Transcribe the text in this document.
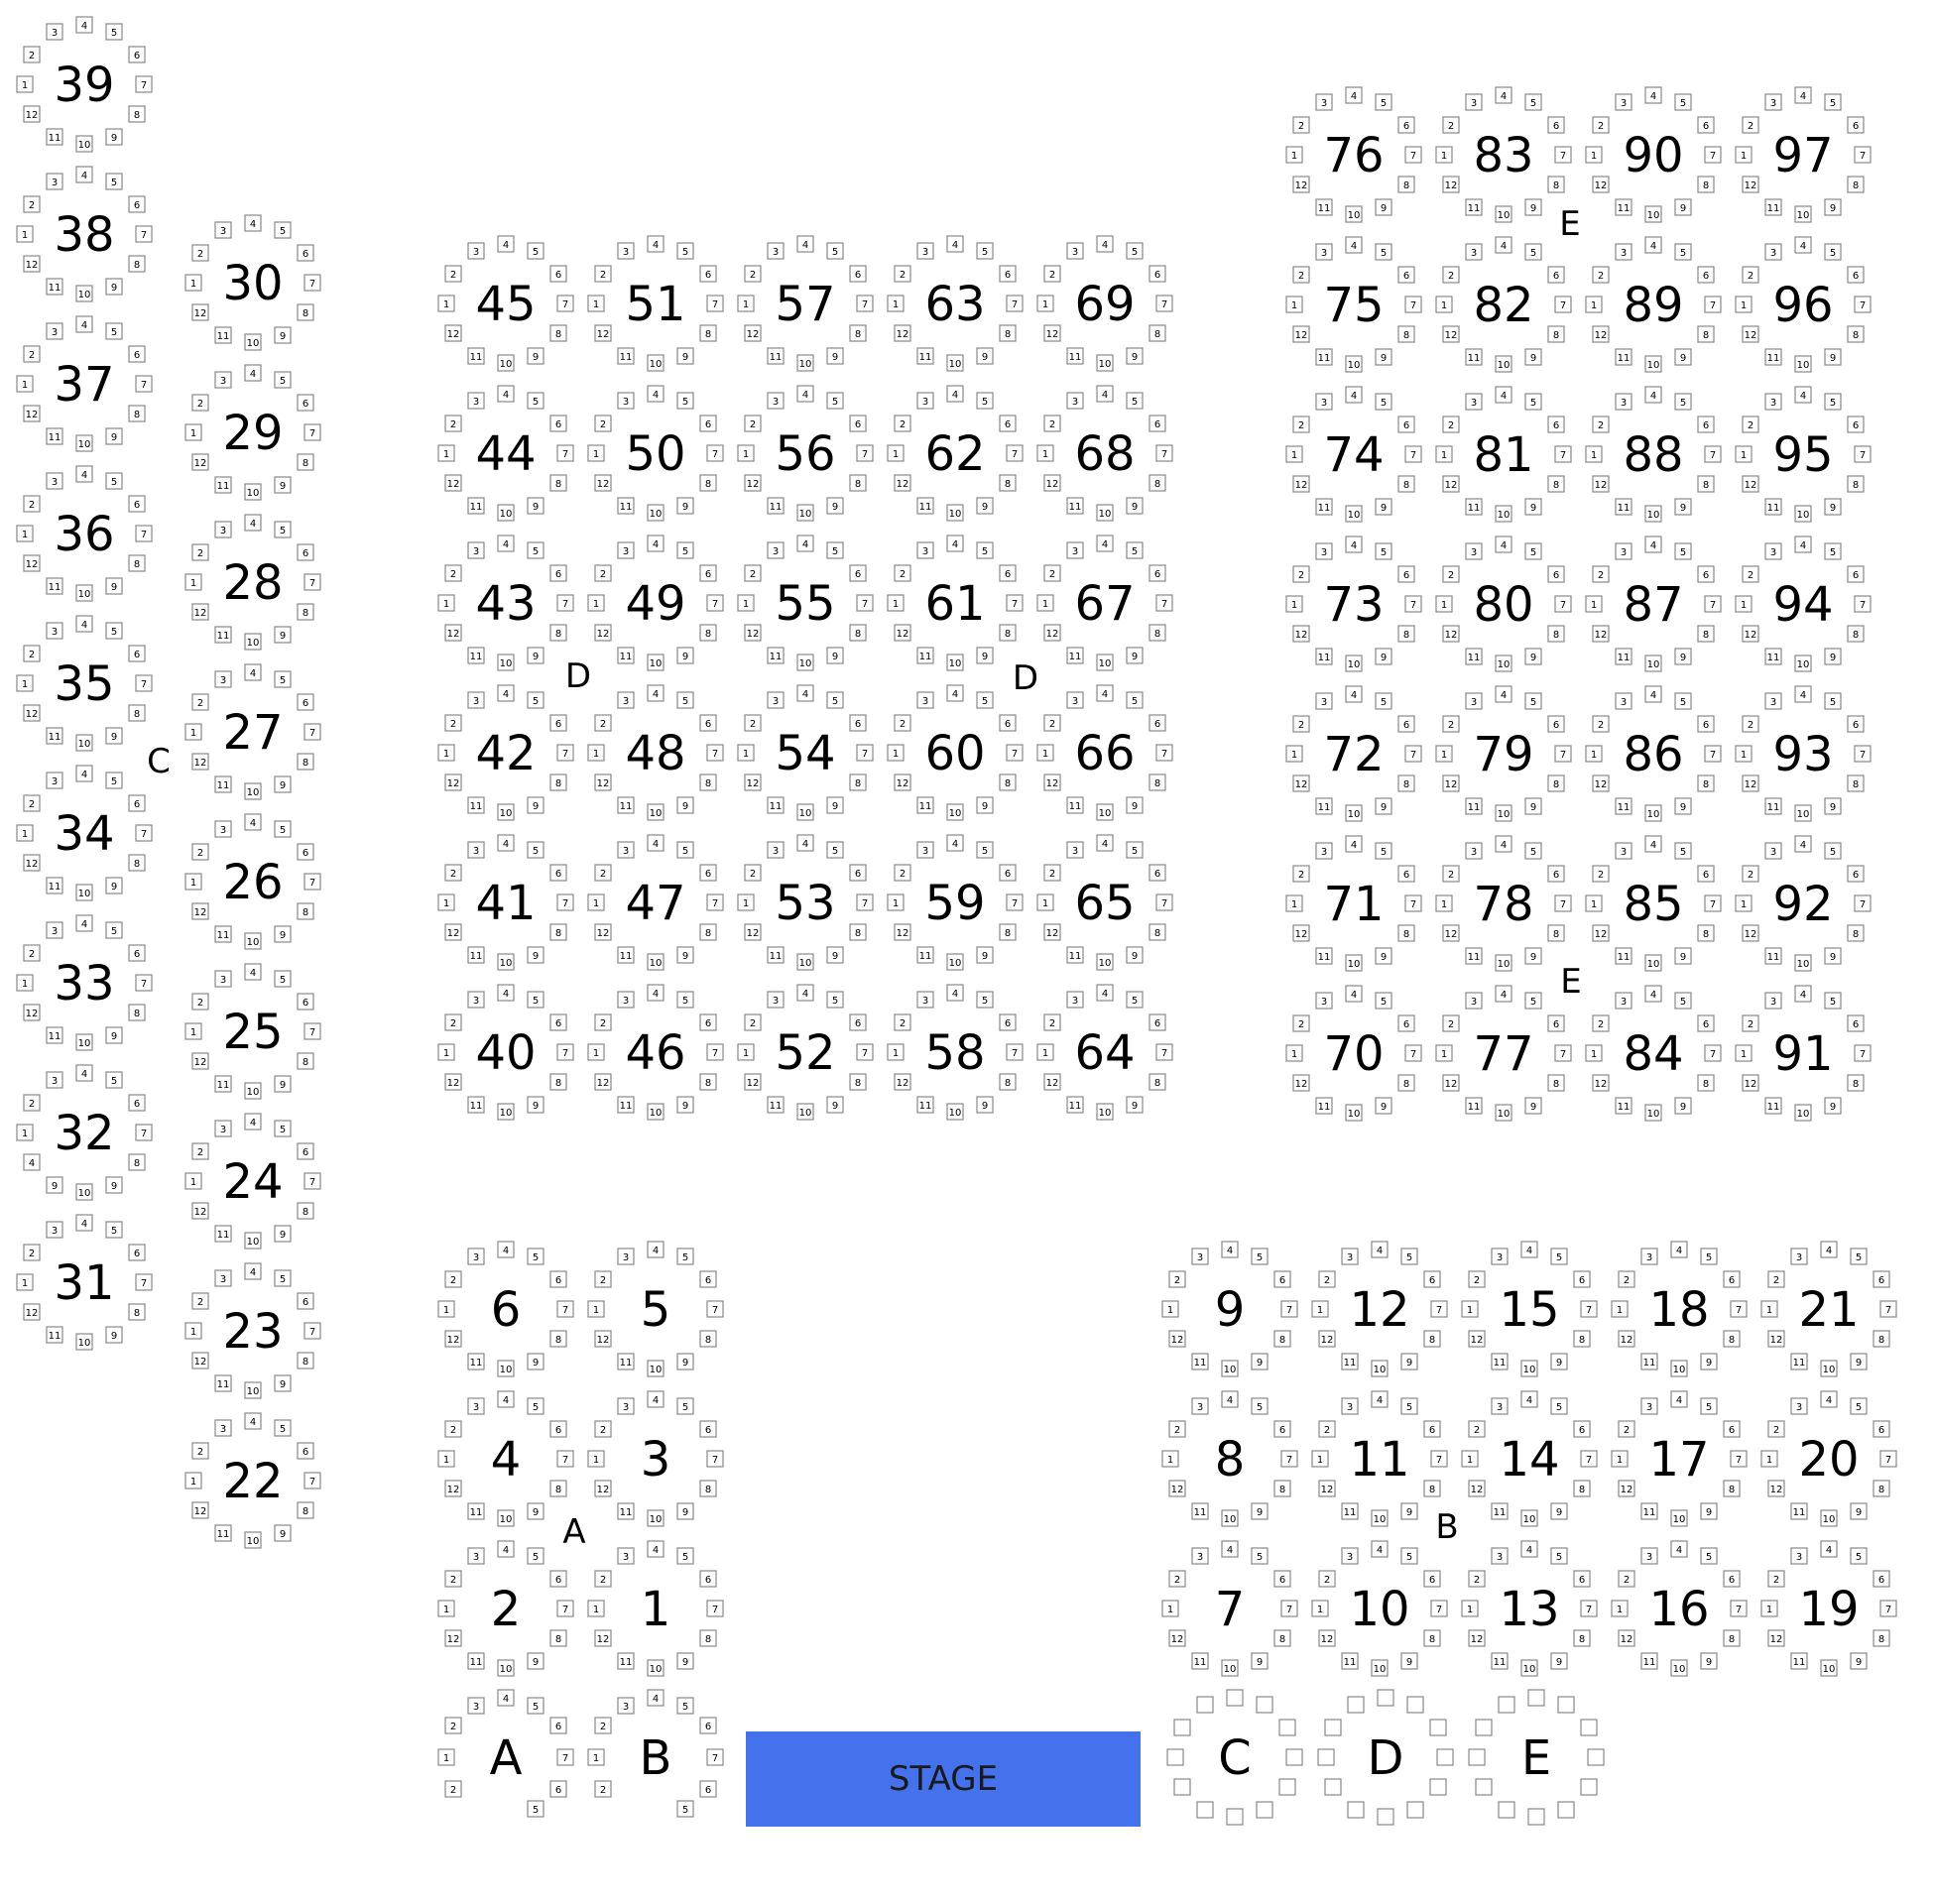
1
2
3
4
5
6
7
8
9
10
11
12
39
1
2
3
4
5
6
7
8
9
10
11
12
38
1
2
3
4
5
6
7
8
9
10
11
12
37
1
2
3
4
5
6
7
8
9
10
11
12
36
1
2
3
4
5
6
7
8
9
10
11
12
35
1
2
3
4
5
6
7
8
9
10
11
12
34
1
2
3
4
5
6
7
8
9
10
11
12
33
1
2
3
4
5
6
7
8
9
10
9
4
32
1
2
3
4
5
6
7
8
9
10
11
12
31
1
2
3
4
5
6
7
8
9
10
11
12
30
1
2
3
4
5
6
7
8
9
10
11
12
29
1
2
3
4
5
6
7
8
9
10
11
12
28
1
2
3
4
5
6
7
8
9
10
11
12
27
1
2
3
4
5
6
7
8
9
10
11
12
26
1
2
3
4
5
6
7
8
9
10
11
12
25
1
2
3
4
5
6
7
8
9
10
11
12
24
1
2
3
4
5
6
7
8
9
10
11
12
23
1
2
3
4
5
6
7
8
9
10
11
12
22
1
2
3
4
5
6
7
8
9
10
11
12
45	1
2
3
4
5
6
7
8
9
10
11
12
51	1
2
3
4
5
6
7
8
9
10
11
12
57	1
2
3
4
5
6
7
8
9
10
11
12
63	1
2
3
4
5
6
7
8
9
10
11
12
69
1
2
3
4
5
6
7
8
9
10
11
12
44	1
2
3
4
5
6
7
8
9
10
11
12
50	1
2
3
4
5
6
7
8
9
10
11
12
56	1
2
3
4
5
6
7
8
9
10
11
12
62	1
2
3
4
5
6
7
8
9
10
11
12
68
1
2
3
4
5
6
7
8
9
10
11
12
43	1
2
3
4
5
6
7
8
9
10
11
12
49	1
2
3
4
5
6
7
8
9
10
11
12
55	1
2
3
4
5
6
7
8
9
10
11
12
61	1
2
3
4
5
6
7
8
9
10
11
12
67
1
2
3
4
5
6
7
8
9
10
11
12
42	1
2
3
4
5
6
7
8
9
10
11
12
48	1
2
3
4
5
6
7
8
9
10
11
12
54	1
2
3
4
5
6
7
8
9
10
11
12
60	1
2
3
4
5
6
7
8
9
10
11
12
66
1
2
3
4
5
6
7
8
9
10
11
12
41	1
2
3
4
5
6
7
8
9
10
11
12
47	1
2
3
4
5
6
7
8
9
10
11
12
53	1
2
3
4
5
6
7
8
9
10
11
12
59	1
2
3
4
5
6
7
8
9
10
11
12
65
1
2
3
4
5
6
7
8
9
10
11
12
40	1
2
3
4
5
6
7
8
9
10
11
12
46	1
2
3
4
5
6
7
8
9
10
11
12
52	1
2
3
4
5
6
7
8
9
10
11
12
58	1
2
3
4
5
6
7
8
9
10
11
12
64
1
2
3
4
5
6
7
8
9
10
11
12
76	1
2
3
4
5
6
7
8
9
10
11
12
83	1
2
3
4
5
6
7
8
9
10
11
12
90	1
2
3
4
5
6
7
8
9
10
11
12
97
1
2
3
4
5
6
7
8
9
10
11
12
75	1
2
3
4
5
6
7
8
9
10
11
12
82	1
2
3
4
5
6
7
8
9
10
11
12
89	1
2
3
4
5
6
7
8
9
10
11
12
96
1
2
3
4
5
6
7
8
9
10
11
12
74	1
2
3
4
5
6
7
8
9
10
11
12
81	1
2
3
4
5
6
7
8
9
10
11
12
88	1
2
3
4
5
6
7
8
9
10
11
12
95
1
2
3
4
5
6
7
8
9
10
11
12
73	1
2
3
4
5
6
7
8
9
10
11
12
80	1
2
3
4
5
6
7
8
9
10
11
12
87	1
2
3
4
5
6
7
8
9
10
11
12
94
1
2
3
4
5
6
7
8
9
10
11
12
72	1
2
3
4
5
6
7
8
9
10
11
12
79	1
2
3
4
5
6
7
8
9
10
11
12
86	1
2
3
4
5
6
7
8
9
10
11
12
93
1
2
3
4
5
6
7
8
9
10
11
12
71	1
2
3
4
5
6
7
8
9
10
11
12
78	1
2
3
4
5
6
7
8
9
10
11
12
85	1
2
3
4
5
6
7
8
9
10
11
12
92
1
2
3
4
5
6
7
8
9
10
11
12
70	1
2
3
4
5
6
7
8
9
10
11
12
77	1
2
3
4
5
6
7
8
9
10
11
12
84	1
2
3
4
5
6
7
8
9
10
11
12
91
1
2
3
4
5
6
7
8
9
10
11
12
6	1
2
3
4
5
6
7
8
9
10
11
12
5
1
2
3
4
5
6
7
8
9
10
11
12
4	1
2
3
4
5
6
7
8
9
10
11
12
3
1
2
3
4
5
6
7
8
9
10
11
12
2	1
2
3
4
5
6
7
8
9
10
11
12
1
1
2
3
4
5
6
7
8
9
10
11
12
9	1
2
3
4
5
6
7
8
9
10
11
12
12	1
2
3
4
5
6
7
8
9
10
11
12
15	1
2
3
4
5
6
7
8
9
10
11
12
18	1
2
3
4
5
6
7
8
9
10
11
12
21
1
2
3
4
5
6
7
8
9
10
11
12
8	1
2
3
4
5
6
7
8
9
10
11
12
11	1
2
3
4
5
6
7
8
9
10
11
12
14	1
2
3
4
5
6
7
8
9
10
11
12
17	1
2
3
4
5
6
7
8
9
10
11
12
20
1
2
3
4
5
6
7
8
9
10
11
12
7	1
2
3
4
5
6
7
8
9
10
11
12
10	1
2
3
4
5
6
7
8
9
10
11
12
13	1
2
3
4
5
6
7
8
9
10
11
12
16	1
2
3
4
5
6
7
8
9
10
11
12
19
1
2
3
4
5
6
7
6
5
2
A	1
2
3
4
5
6
7
6
5
2
B	C D E
STAGE
A	B
C
D	D
E
E
